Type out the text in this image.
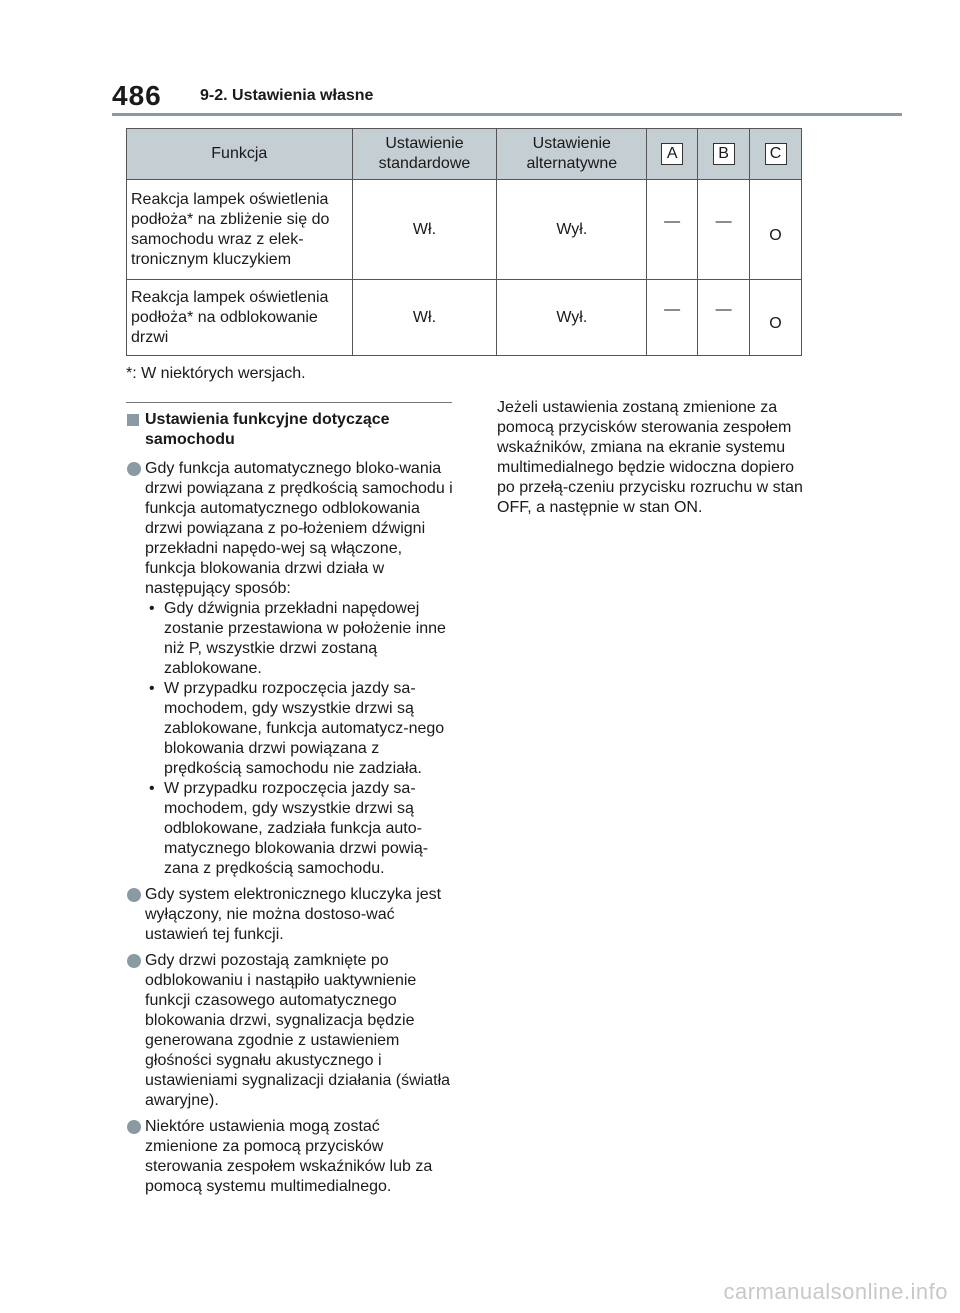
486 9-2. Ustawienia własne
Funkcja	Ustawienie standardowe	Ustawienie alternatywne	A	B	C
Reakcja lampek oświetlenia podłoża* na zbliżenie się do samochodu wraz z elek-tronicznym kluczykiem	Wł.	Wył.	—	—	O
Reakcja lampek oświetlenia podłoża* na odblokowanie drzwi	Wł.	Wył.	—	—	O
*: W niektórych wersjach.
Ustawienia funkcyjne dotyczące samochodu
Gdy funkcja automatycznego bloko-wania drzwi powiązana z prędkością samochodu i funkcja automatycznego odblokowania drzwi powiązana z po-łożeniem dźwigni przekładni napędo-wej są włączone, funkcja blokowania drzwi działa w następujący sposób:
• Gdy dźwignia przekładni napędowej zostanie przestawiona w położenie inne niż P, wszystkie drzwi zostaną zablokowane.
• W przypadku rozpoczęcia jazdy sa-mochodem, gdy wszystkie drzwi są zablokowane, funkcja automatycz-nego blokowania drzwi powiązana z prędkością samochodu nie zadziała.
• W przypadku rozpoczęcia jazdy sa-mochodem, gdy wszystkie drzwi są odblokowane, zadziała funkcja auto-matycznego blokowania drzwi powią-zana z prędkością samochodu.
Gdy system elektronicznego kluczyka jest wyłączony, nie można dostoso-wać ustawień tej funkcji.
Gdy drzwi pozostają zamknięte po odblokowaniu i nastąpiło uaktywnienie funkcji czasowego automatycznego blokowania drzwi, sygnalizacja będzie generowana zgodnie z ustawieniem głośności sygnału akustycznego i ustawieniami sygnalizacji działania (światła awaryjne).
Niektóre ustawienia mogą zostać zmienione za pomocą przycisków sterowania zespołem wskaźników lub za pomocą systemu multimedialnego.
Jeżeli ustawienia zostaną zmienione za pomocą przycisków sterowania zespołem wskaźników, zmiana na ekranie systemu multimedialnego będzie widoczna dopiero po przełą-czeniu przycisku rozruchu w stan OFF, a następnie w stan ON.
carmanualsonline.info
